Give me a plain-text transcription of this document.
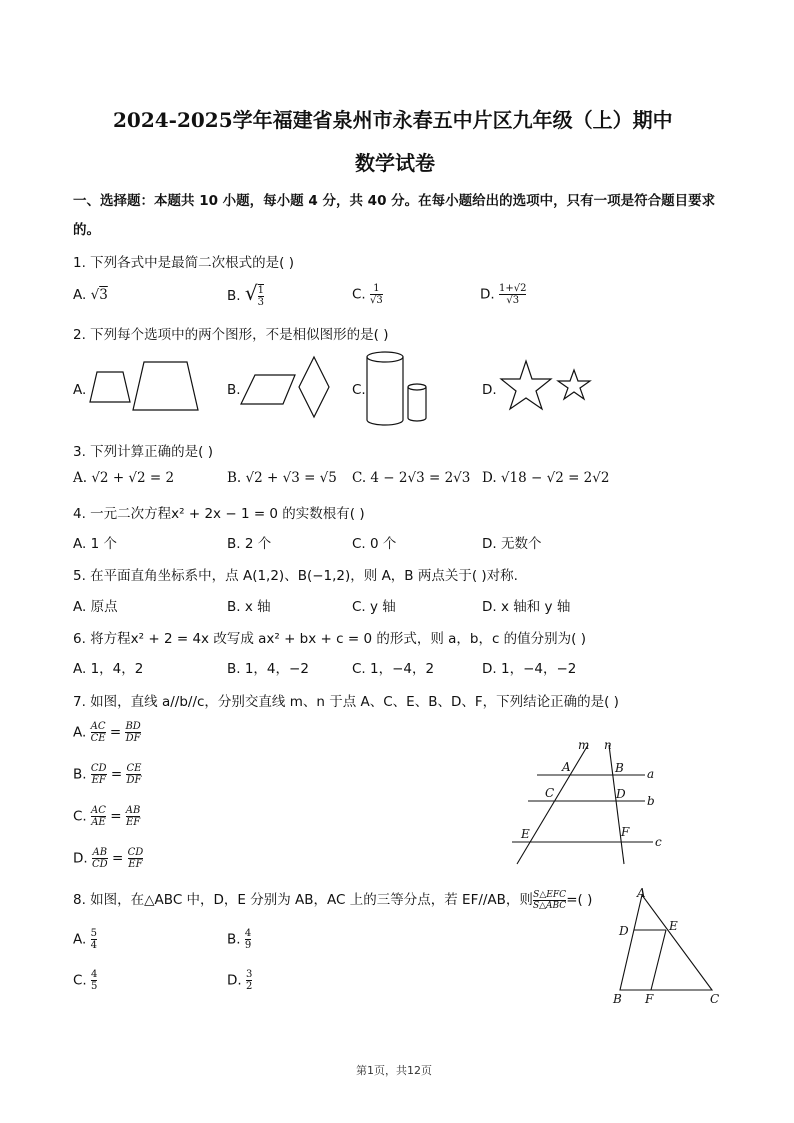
2024-2025学年福建省泉州市永春五中片区九年级（上）期中
数学试卷
一、选择题：本题共 10 小题，每小题 4 分，共 40 分。在每小题给出的选项中，只有一项是符合题目要求
的。
1. 下列各式中是最简二次根式的是( )
A. √3	B. √ $\frac{1}{3}$	C. $\frac{1}{√3}$	D. $\frac{1+√2}{√3}$
2. 下列每个选项中的两个图形，不是相似图形的是( )
A.	B.	C.	D.
3. 下列计算正确的是( )
A. √2 + √2 = 2	B. √2 + √3 = √5 C. 4 − 2√3 = 2√3 D. √18 − √2 = 2√2
4. 一元二次方程x² + 2x − 1 = 0 的实数根有( )
A. 1 个	B. 2 个	C. 0 个	D. 无数个
5. 在平面直角坐标系中，点 A(1,2)、B(−1,2)，则 A，B 两点关于( )对称.
A. 原点	B. x 轴	C. y 轴	D. x 轴和 y 轴
6. 将方程x² + 2 = 4x 改写成 ax² + bx + c = 0 的形式，则 a，b，c 的值分别为( )
A. 1，4，2	B. 1，4，−2	C. 1，−4，2	D. 1，−4，−2
7. 如图，直线 a//b//c，分别交直线 m、n 于点 A、C、E、B、D、F，下列结论正确的是( )
A. $\frac{AC}{CE} = \frac{BD}{DF}$
B. $\frac{CD}{EF} = \frac{CE}{DF}$
C. $\frac{AC}{AE} = \frac{AB}{EF}$
D. $\frac{AB}{CD} = \frac{CD}{EF}$
m n
a
b
c
A	B
C	D
E	F
8. 如图，在△ABC 中，D，E 分别为 AB，AC 上的三等分点，若 EF//AB，则 S△EFC
S△ABC =( )
A. $\frac{5}{4}$	B. $\frac{4}{9}$
C. $\frac{4}{5}$	D. $\frac{3}{2}$
A
D	E
B F	C
第1页，共12页
